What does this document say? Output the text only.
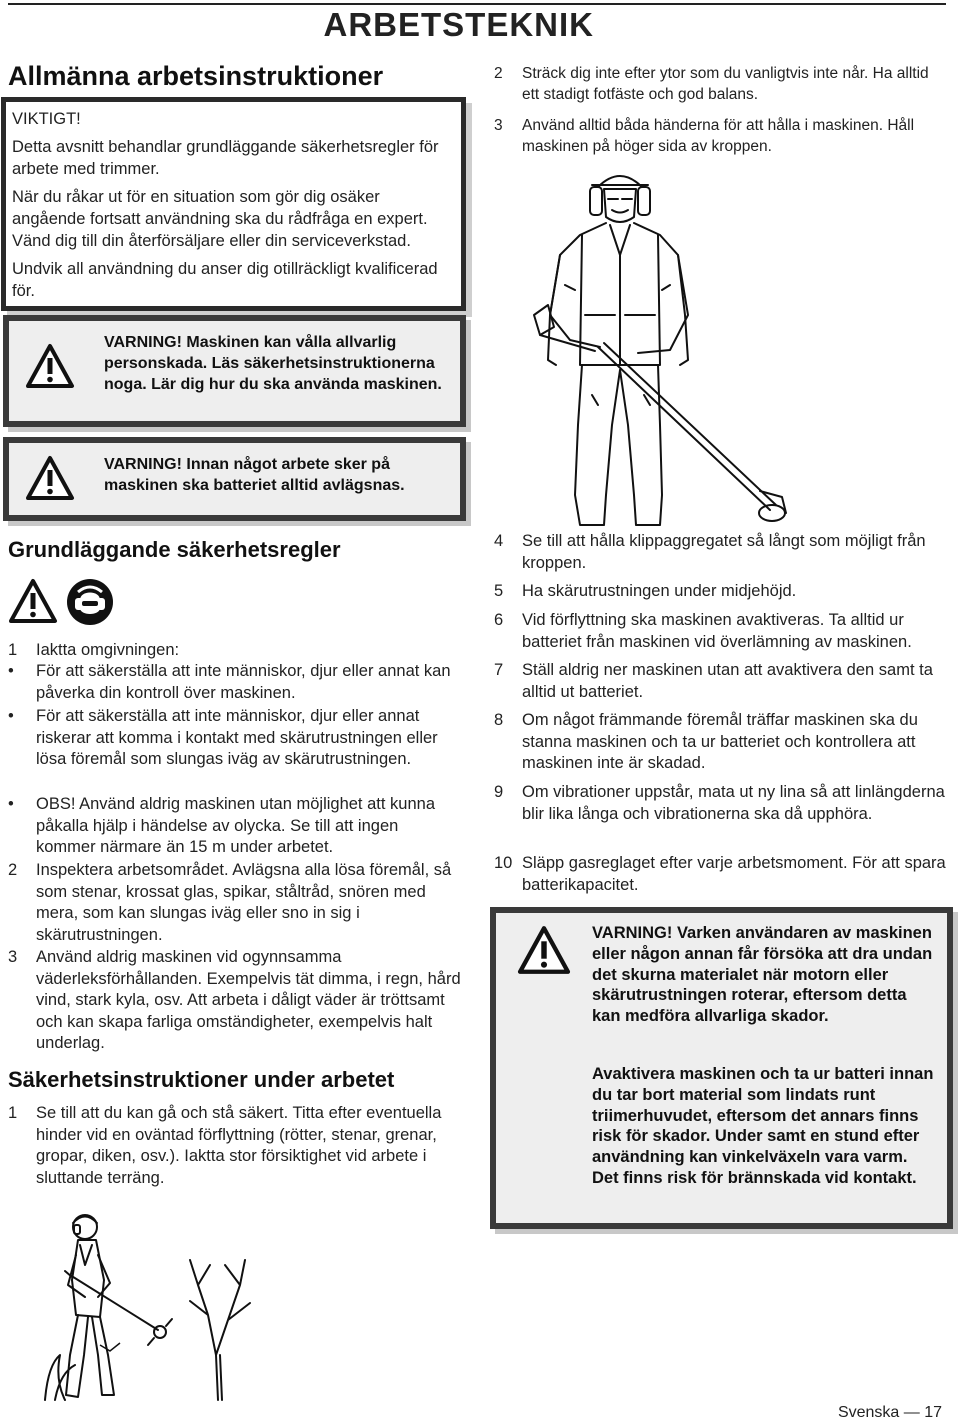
ARBETSTEKNIK
Allmänna arbetsinstruktioner

VIKTIGT!

Detta avsnitt behandlar grundläggande säkerhetsregler för arbete med trimmer.

När du råkar ut för en situation som gör dig osäker angående fortsatt användning ska du rådfråga en expert. Vänd dig till din återförsäljare eller din serviceverkstad.

Undvik all användning du anser dig otillräckligt kvalificerad för.

VARNING! Maskinen kan vålla allvarlig personskada. Läs säkerhetsinstruktionerna noga. Lär dig hur du ska använda maskinen.
VARNING! Innan något arbete sker på maskinen ska batteriet alltid avlägsnas.
Grundläggande säkerhetsregler
1 Iaktta omgivningen:
• För att säkerställa att inte människor, djur eller annat kan påverka din kontroll över maskinen.
• För att säkerställa att inte människor, djur eller annat riskerar att komma i kontakt med skärutrustningen eller lösa föremål som slungas iväg av skärutrustningen.
• OBS! Använd aldrig maskinen utan möjlighet att kunna påkalla hjälp i händelse av olycka. Se till att ingen kommer närmare än 15 m under arbetet.
2 Inspektera arbetsområdet. Avlägsna alla lösa föremål, så som stenar, krossat glas, spikar, ståltråd, snören med mera, som kan slungas iväg eller sno in sig i skärutrustningen.
3 Använd aldrig maskinen vid ogynnsamma väderleksförhållanden. Exempelvis tät dimma, i regn, hård vind, stark kyla, osv. Att arbeta i dåligt väder är tröttsamt och kan skapa farliga omständigheter, exempelvis halt underlag.
Säkerhetsinstruktioner under arbetet
1 Se till att du kan gå och stå säkert. Titta efter eventuella hinder vid en oväntad förflyttning (rötter, stenar, grenar, gropar, diken, osv.). Iaktta stor försiktighet vid arbete i sluttande terräng.
2 Sträck dig inte efter ytor som du vanligtvis inte når. Ha alltid ett stadigt fotfäste och god balans.
3 Använd alltid båda händerna för att hålla i maskinen. Håll maskinen på höger sida av kroppen.
4 Se till att hålla klippaggregatet så långt som möjligt från kroppen.
5 Ha skärutrustningen under midjehöjd.
6 Vid förflyttning ska maskinen avaktiveras. Ta alltid ur batteriet från maskinen vid överlämning av maskinen.
7 Ställ aldrig ner maskinen utan att avaktivera den samt ta alltid ut batteriet.
8 Om något främmande föremål träffar maskinen ska du stanna maskinen och ta ur batteriet och kontrollera att maskinen inte är skadad.
9 Om vibrationer uppstår, mata ut ny lina så att linlängderna blir lika långa och vibrationerna ska då upphöra.
10 Släpp gasreglaget efter varje arbetsmoment. För att spara batterikapacitet.
VARNING! Varken användaren av maskinen eller någon annan får försöka att dra undan det skurna materialet när motorn eller skärutrustningen roterar, eftersom detta kan medföra allvarliga skador.
Avaktivera maskinen och ta ur batteri innan du tar bort material som lindats runt triimerhuvudet, eftersom det annars finns risk för skador. Under samt en stund efter användning kan vinkelväxeln vara varm. Det finns risk för brännskada vid kontakt.
Svenska — 17
